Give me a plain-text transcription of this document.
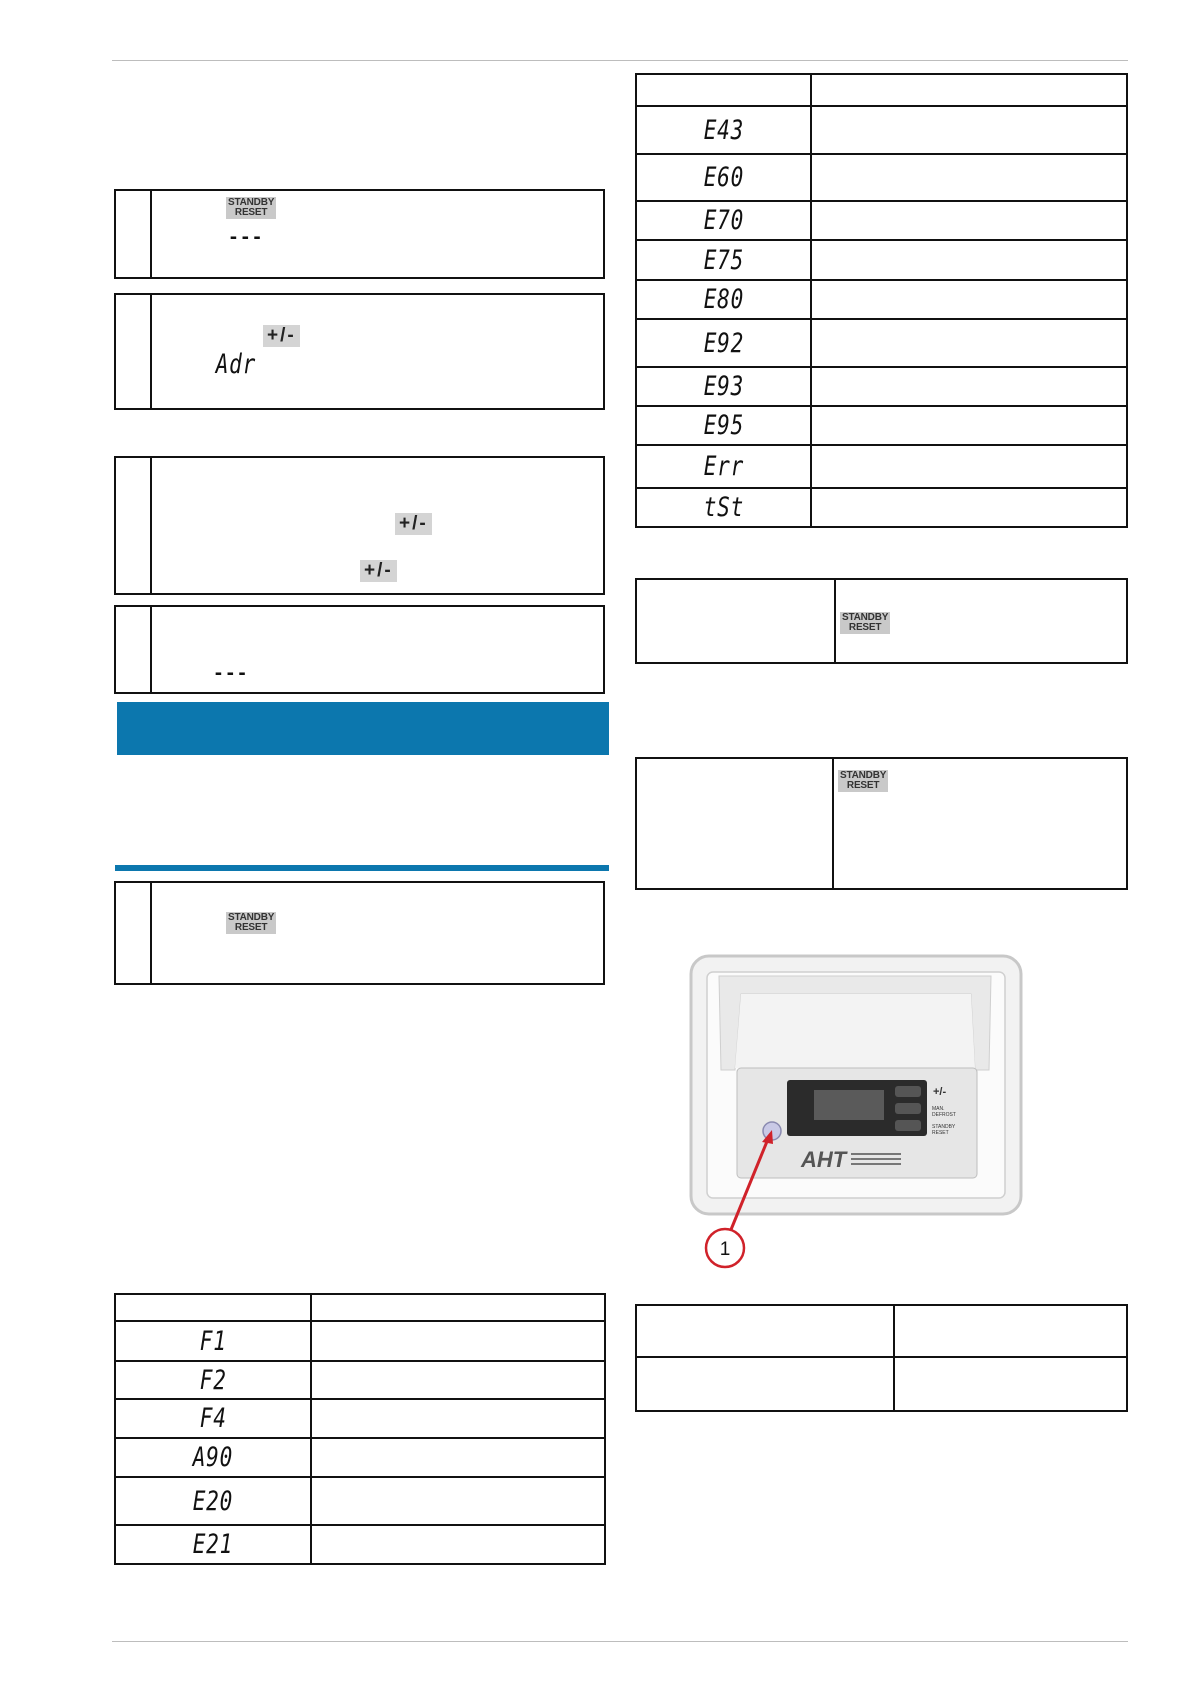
STANDBY
RESET
---
+/-
Adr
+/-
+/-
---
STANDBY
RESET

F1	
F2	
F4	
A90	
E20	
E21	

E43	
E60	
E70	
E75	
E80	
E92	
E93	
E95	
Err	
tSt	
STANDBY
RESET
STANDBY
RESET
+/-
MAN.
DEFROST
STANDBY
RESET
AHT
1
